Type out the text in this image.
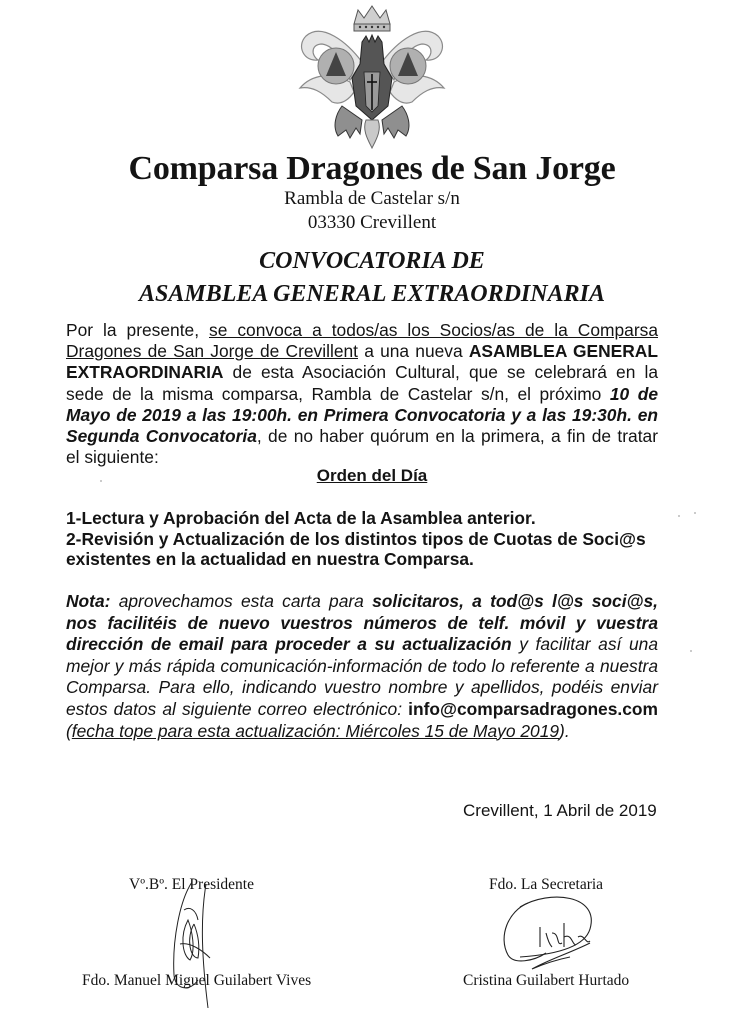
Comparsa Dragones de San Jorge
Rambla de Castelar s/n
03330 Crevillent
CONVOCATORIA DE
ASAMBLEA GENERAL EXTRAORDINARIA
Por la presente, se convoca a todos/as los Socios/as de la Comparsa Dragones de San Jorge de Crevillent a una nueva ASAMBLEA GENERAL EXTRAORDINARIA de esta Asociación Cultural, que se celebrará en la sede de la misma comparsa, Rambla de Castelar s/n, el próximo 10 de Mayo de 2019 a las 19:00h. en Primera Convocatoria y a las 19:30h. en Segunda Convocatoria, de no haber quórum en la primera, a fin de tratar el siguiente:
Orden del Día
1-Lectura y Aprobación del Acta de la Asamblea anterior.
2-Revisión y Actualización de los distintos tipos de Cuotas de Soci@s existentes en la actualidad en nuestra Comparsa.
Nota: aprovechamos esta carta para solicitaros, a tod@s l@s soci@s, nos facilitéis de nuevo vuestros números de telf. móvil y vuestra dirección de email para proceder a su actualización y facilitar así una mejor y más rápida comunicación-información de todo lo referente a nuestra Comparsa. Para ello, indicando vuestro nombre y apellidos, podéis enviar estos datos al siguiente correo electrónico: info@comparsadragones.com (fecha tope para esta actualización: Miércoles 15 de Mayo 2019).
Crevillent, 1 Abril de 2019
Vº.Bº. El Presidente	Fdo. La Secretaria
Fdo. Manuel Miguel Guilabert Vives	Cristina Guilabert Hurtado
